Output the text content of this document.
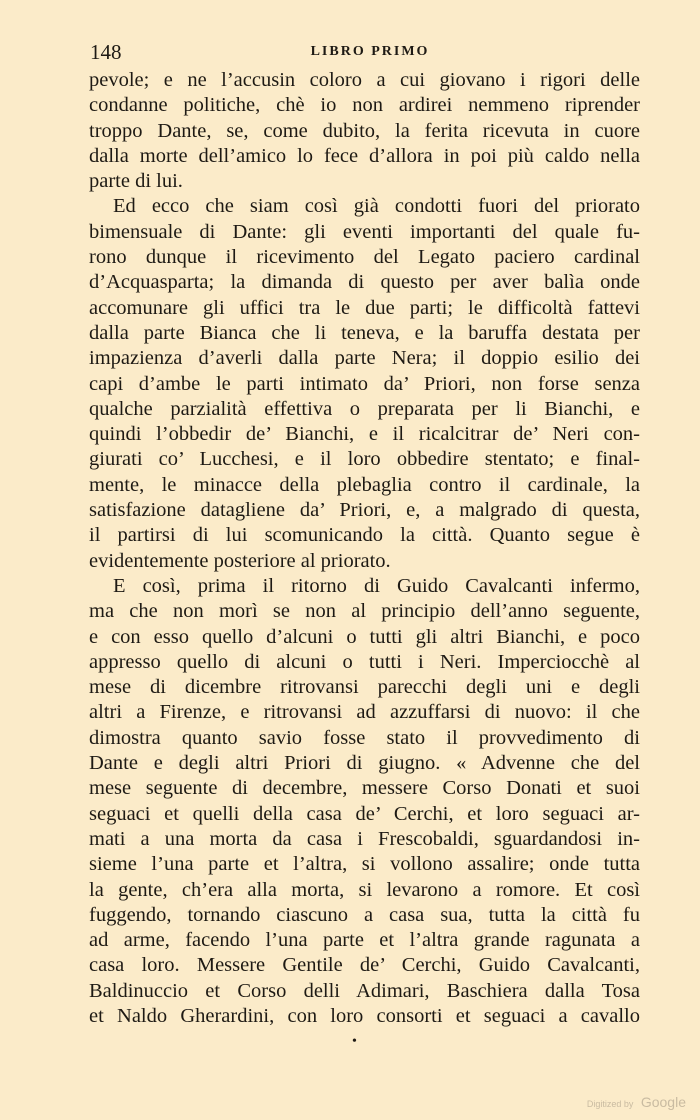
148	LIBRO PRIMO
pevole; e ne l’accusin coloro a cui giovano i rigori delle
condanne politiche, chè io non ardirei nemmeno riprender
troppo Dante, se, come dubito, la ferita ricevuta in cuore
dalla morte dell’amico lo fece d’allora in poi più caldo nella
parte di lui.
Ed ecco che siam così già condotti fuori del priorato
bimensuale di Dante: gli eventi importanti del quale fu-
rono dunque il ricevimento del Legato paciero cardinal
d’Acquasparta; la dimanda di questo per aver balìa onde
accomunare gli uffici tra le due parti; le difficoltà fattevi
dalla parte Bianca che li teneva, e la baruffa destata per
impazienza d’averli dalla parte Nera; il doppio esilio dei
capi d’ambe le parti intimato da’ Priori, non forse senza
qualche parzialità effettiva o preparata per li Bianchi, e
quindi l’obbedir de’ Bianchi, e il ricalcitrar de’ Neri con-
giurati co’ Lucchesi, e il loro obbedire stentato; e final-
mente, le minacce della plebaglia contro il cardinale, la
satisfazione datagliene da’ Priori, e, a malgrado di questa,
il partirsi di lui scomunicando la città. Quanto segue è
evidentemente posteriore al priorato.
E così, prima il ritorno di Guido Cavalcanti infermo,
ma che non morì se non al principio dell’anno seguente,
e con esso quello d’alcuni o tutti gli altri Bianchi, e poco
appresso quello di alcuni o tutti i Neri. Imperciocchè al
mese di dicembre ritrovansi parecchi degli uni e degli
altri a Firenze, e ritrovansi ad azzuffarsi di nuovo: il che
dimostra quanto savio fosse stato il provvedimento di
Dante e degli altri Priori di giugno. « Advenne che del
mese seguente di decembre, messere Corso Donati et suoi
seguaci et quelli della casa de’ Cerchi, et loro seguaci ar-
mati a una morta da casa i Frescobaldi, sguardandosi in-
sieme l’una parte et l’altra, si vollono assalire; onde tutta
la gente, ch’era alla morta, si levarono a romore. Et così
fuggendo, tornando ciascuno a casa sua, tutta la città fu
ad arme, facendo l’una parte et l’altra grande ragunata a
casa loro. Messere Gentile de’ Cerchi, Guido Cavalcanti,
Baldinuccio et Corso delli Adimari, Baschiera dalla Tosa
et Naldo Gherardini, con loro consorti et seguaci a cavallo
•
Digitized by Google
